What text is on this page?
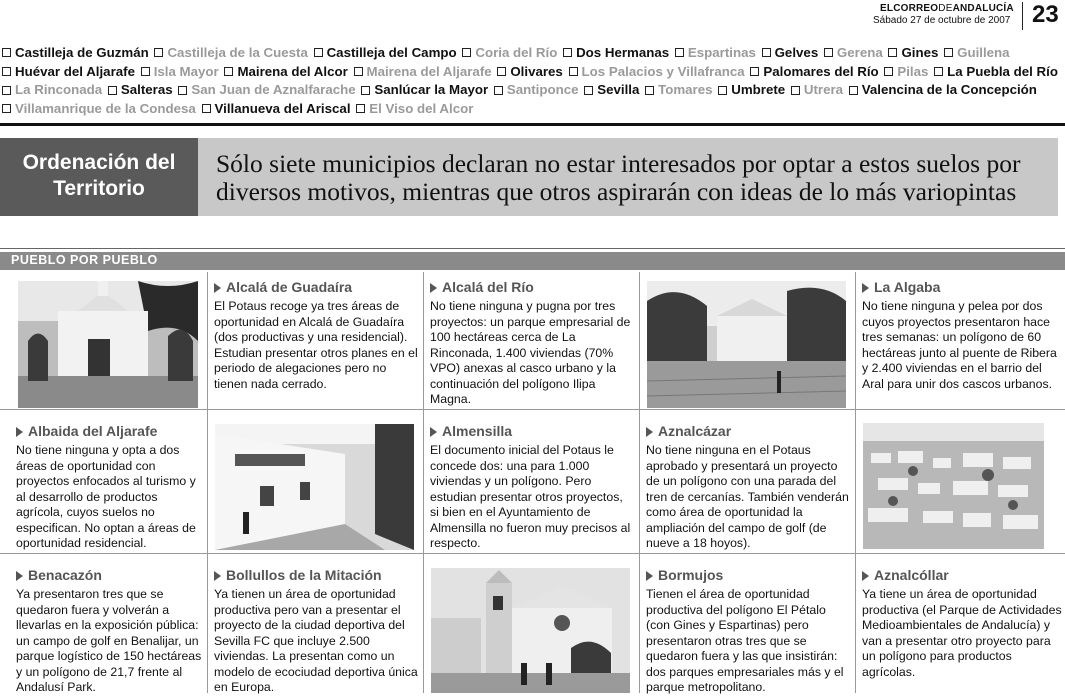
ELCORREODEANDALUCÍA
Sábado 27 de octubre de 2007 23
Castilleja de Guzmán Castilleja de la Cuesta Castilleja del Campo Coria del Río Dos Hermanas Espartinas Gelves Gerena Gines Guillena Huévar del Aljarafe Isla Mayor Mairena del Alcor Mairena del Aljarafe Olivares Los Palacios y Villafranca Palomares del Río Pilas La Puebla del Río La Rinconada Salteras San Juan de Aznalfarache Sanlúcar la Mayor Santiponce Sevilla Tomares Umbrete Utrera Valencina de la Concepción Villamanrique de la Condesa Villanueva del Ariscal El Viso del Alcor
Ordenación del
Territorio
Sólo siete municipios declaran no estar interesados por optar a estos suelos por diversos motivos, mientras que otros aspirarán con ideas de lo más variopintas
PUEBLO POR PUEBLO
Alcalá de Guadaíra

El Potaus recoge ya tres áreas de oportunidad en Alcalá de Guadaíra (dos productivas y una residencial). Estudian presentar otros planes en el periodo de alegaciones pero no tienen nada cerrado.

Alcalá del Río

No tiene ninguna y pugna por tres proyectos: un parque empresarial de 100 hectáreas cerca de La Rinconada, 1.400 viviendas (70% VPO) anexas al casco urbano y la continuación del polígono Ilipa Magna.

La Algaba

No tiene ninguna y pelea por dos cuyos proyectos presentaron hace tres semanas: un polígono de 60 hectáreas junto al puente de Ribera y 2.400 viviendas en el barrio del Aral para unir dos cascos urbanos.

Albaida del Aljarafe

No tiene ninguna y opta a dos áreas de oportunidad con proyectos enfocados al turismo y al desarrollo de productos agrícola, cuyos suelos no especifican. No optan a áreas de oportunidad residencial.

Almensilla

El documento inicial del Potaus le concede dos: una para 1.000 viviendas y un polígono. Pero estudian presentar otros proyectos, si bien en el Ayuntamiento de Almensilla no fueron muy precisos al respecto.

Aznalcázar

No tiene ninguna en el Potaus aprobado y presentará un proyecto de un polígono con una parada del tren de cercanías. También venderán como área de oportunidad la ampliación del campo de golf (de nueve a 18 hoyos).

Benacazón

Ya presentaron tres que se quedaron fuera y volverán a llevarlas en la exposición pública: un campo de golf en Benalijar, un parque logístico de 150 hectáreas y un polígono de 21,7 frente al Andalusí Park.

Bollullos de la Mitación

Ya tienen un área de oportunidad productiva pero van a presentar el proyecto de la ciudad deportiva del Sevilla FC que incluye 2.500 viviendas. La presentan como un modelo de ecociudad deportiva única en Europa.

Bormujos

Tienen el área de oportunidad productiva del polígono El Pétalo (con Gines y Espartinas) pero presentaron otras tres que se quedaron fuera y las que insistirán: dos parques empresariales más y el parque metropolitano.

Aznalcóllar

Ya tiene un área de oportunidad productiva (el Parque de Actividades Medioambientales de Andalucía) y van a presentar otro proyecto para un polígono para productos agrícolas.
